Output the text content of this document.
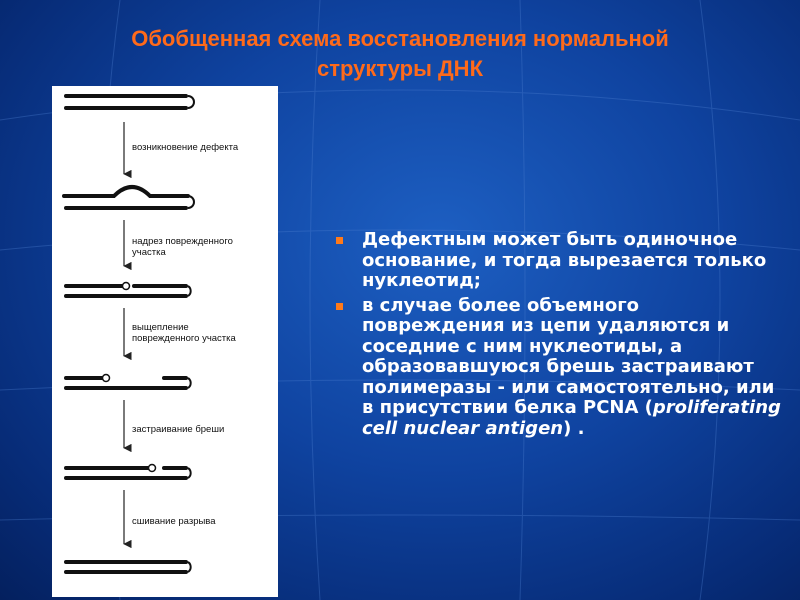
Обобщенная схема восстановления нормальной
структуры ДНК
возникновение дефекта
надрез поврежденного
участка
выщепление
поврежденного участка
застраивание бреши
сшивание разрыва
Дефектным может быть одиночное основание, и тогда вырезается только нуклеотид;
в случае более объемного повреждения из цепи удаляются и соседние с ним нуклеотиды, а образовавшуюся брешь застраивают полимеразы - или самостоятельно, или в присутствии белка PCNA (proliferating cell nuclear antigen) .
